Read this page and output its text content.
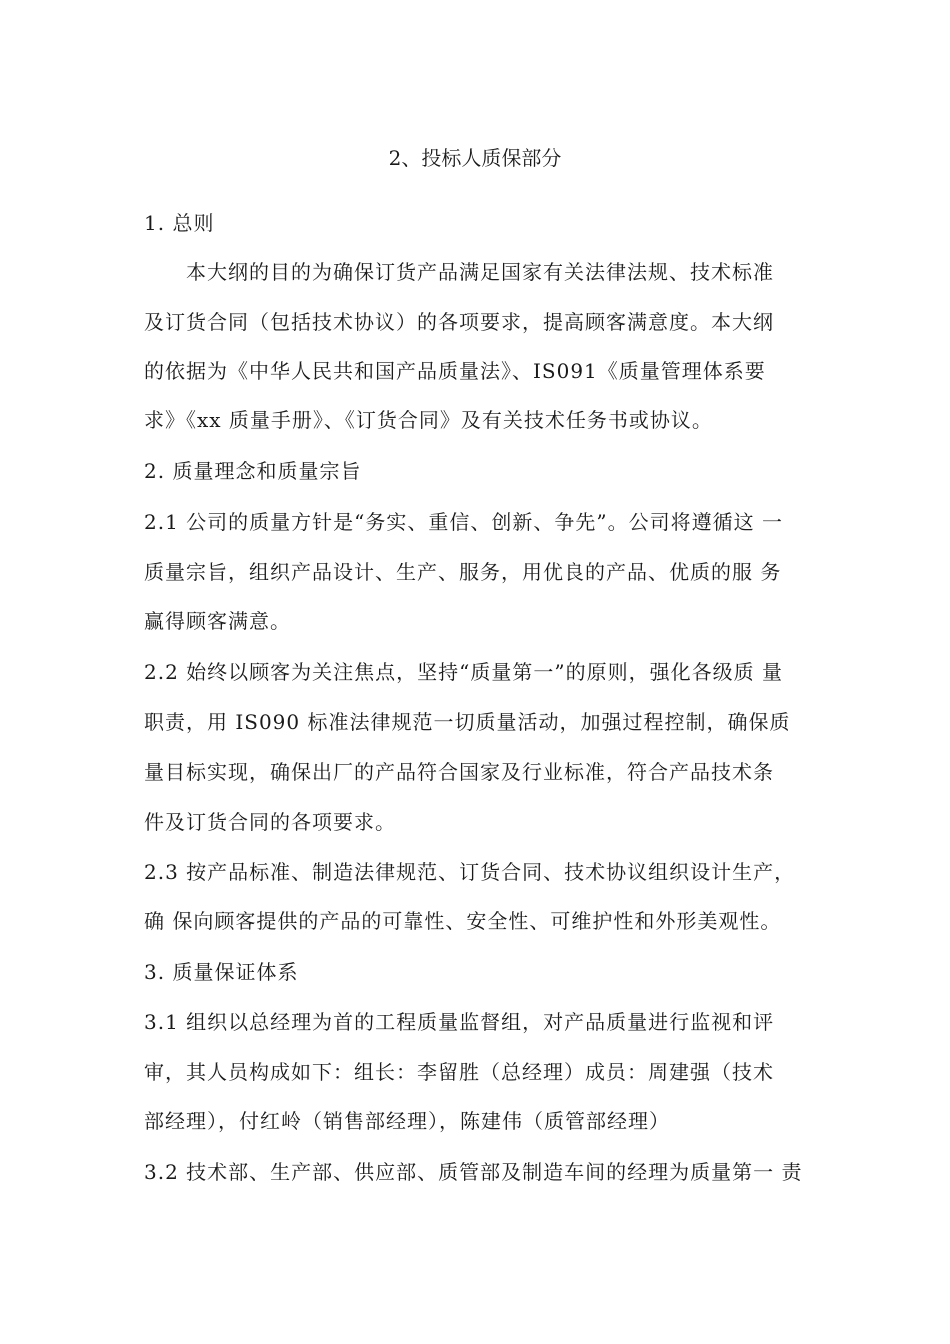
2、投标人质保部分
1. 总则
本大纲的目的为确保订货产品满足国家有关法律法规、技术标准
及订货合同（包括技术协议）的各项要求，提高顾客满意度。本大纲
的依据为《中华人民共和国产品质量法》、IS091《质量管理体系要
求》《xx 质量手册》、《订货合同》及有关技术任务书或协议。
2. 质量理念和质量宗旨
2.1 公司的质量方针是“务实、重信、创新、争先”。公司将遵循这 一
质量宗旨，组织产品设计、生产、服务，用优良的产品、优质的服 务
赢得顾客满意。
2.2 始终以顾客为关注焦点，坚持“质量第一”的原则，强化各级质 量
职责，用 IS090 标准法律规范一切质量活动，加强过程控制，确保质
量目标实现，确保出厂的产品符合国家及行业标准，符合产品技术条
件及订货合同的各项要求。
2.3 按产品标准、制造法律规范、订货合同、技术协议组织设计生产，
确 保向顾客提供的产品的可靠性、安全性、可维护性和外形美观性。
3. 质量保证体系
3.1 组织以总经理为首的工程质量监督组，对产品质量进行监视和评
审，其人员构成如下：组长：李留胜（总经理）成员：周建强（技术
部经理），付红岭（销售部经理），陈建伟（质管部经理）
3.2 技术部、生产部、供应部、质管部及制造车间的经理为质量第一 责
